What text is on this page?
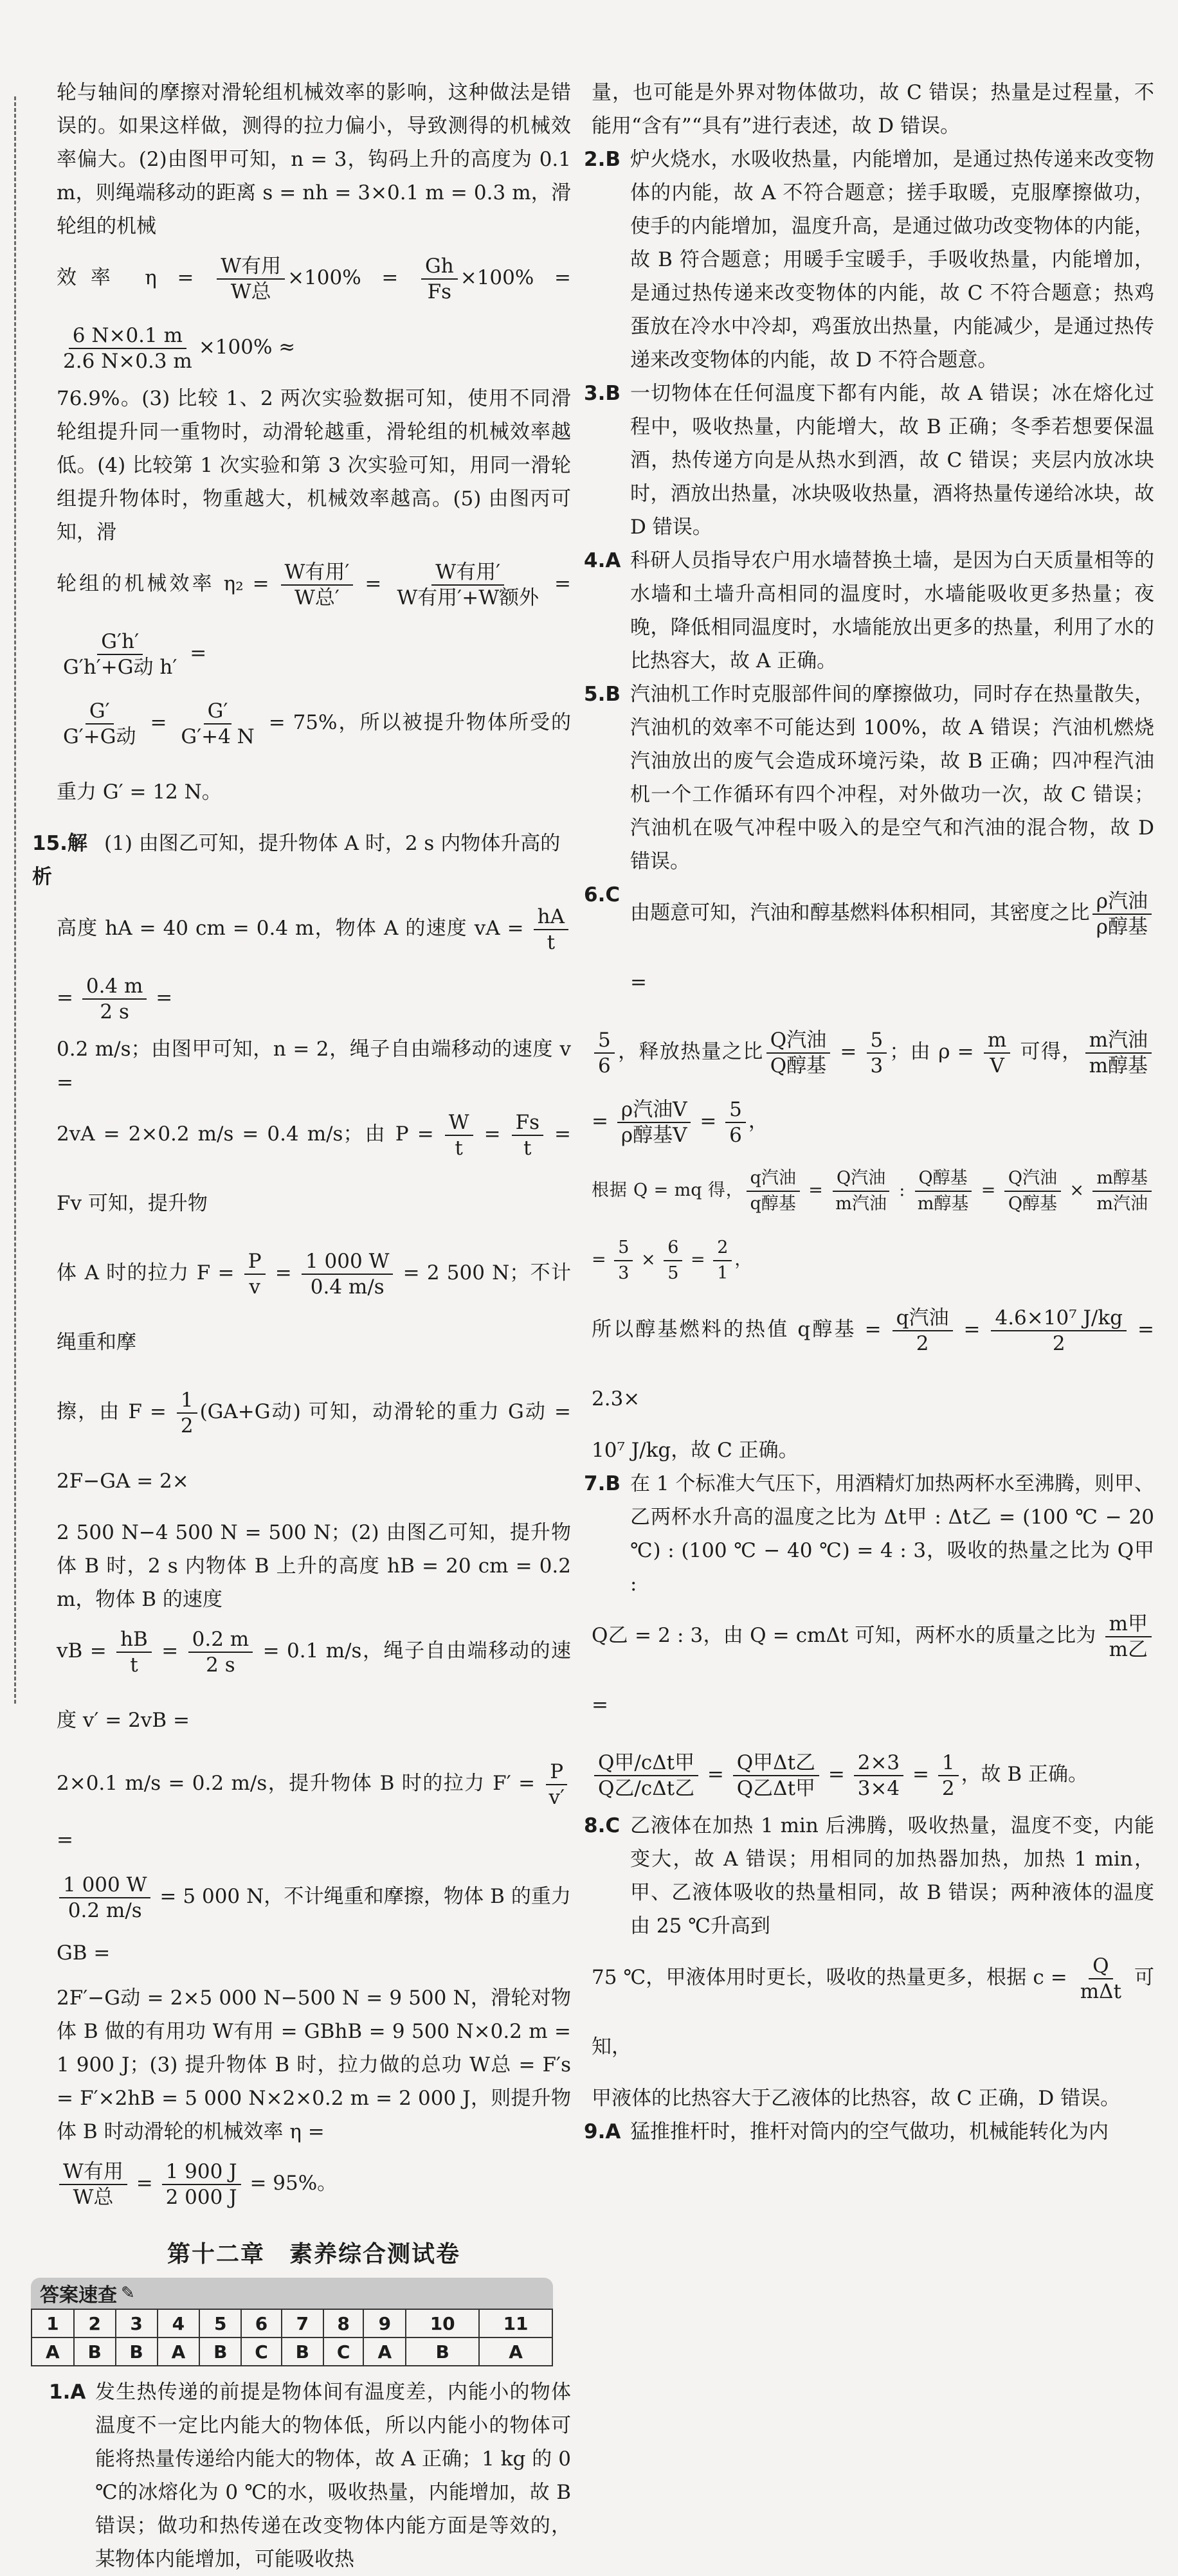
轮与轴间的摩擦对滑轮组机械效率的影响，这种做法是错误的。如果这样做，测得的拉力偏小，导致测得的机械效率偏大。(2)由图甲可知，n = 3，钩码上升的高度为 0.1 m，则绳端移动的距离 s = nh = 3×0.1 m = 0.3 m，滑轮组的机械

效率 $\eta = \frac{\text{W有用}}{\text{W总}} \times 100\% = \frac{Gh}{Fs} \times 100\%$ =
$\frac{6 N\times 0.1 m}{2.6 N\times 0.3 m} \times 100\%$ ≈

76.9%。(3) 比较 1、2 两次实验数据可知，使用不同滑轮组提升同一重物时，动滑轮越重，滑轮组的机械效率越低。(4) 比较第 1 次实验和第 3 次实验可知，用同一滑轮组提升物体时，物重越大，机械效率越高。(5) 由图丙可知，滑

轮组的机械效率 $\eta_2 = \frac{\text{W有用′}}{\text{W总′}} = \frac{\text{W有用′}}{\text{W有用′+W额外}}$ =
$\frac{G'h'}{\text{G′h′+G动 h′}}$ =

$\frac{G'}{\text{G′+G动}} = \frac{G'}{G'+4 N} = 75\%$，所以被提升物体所受的重力 G′ = 12 N。

15.解析

(1) 由图乙可知，提升物体 A 时，2 s 内物体升高的

高度 hA = 40 cm = 0.4 m，物体 A 的速度 vA = $\frac{hA}{t}$
= $\frac{0.4 m}{2 s}$ =

0.2 m/s；由图甲可知，n = 2，绳子自由端移动的速度 v =

2vA = 2×0.2 m/s = 0.4 m/s；由 $P = \frac{W}{t} = \frac{Fs}{t} = Fv$ 可知，提升物

体 A 时的拉力 $F = \frac{P}{v} = \frac{1 000 W}{0.4 m/s} = 2$ 500 N；不计绳重和摩

擦，由 $F = \frac{1}{2} (GA+G$动) 可知，动滑轮的重力 G动 = 2F−GA = 2×

2 500 N−4 500 N = 500 N；(2) 由图乙可知，提升物体 B 时，2 s 内物体 B 上升的高度 hB = 20 cm = 0.2 m，物体 B 的速度

vB = $\frac{hB}{t} = \frac{0.2 m}{2 s} = 0.1$ m/s，绳子自由端移动的速度 v′ = 2vB =

2×0.1 m/s = 0.2 m/s，提升物体 B 时的拉力 $F' = \frac{P}{v'}$
=

$\frac{1 000 W}{0.2 m/s} = 5$ 000 N，不计绳重和摩擦，物体 B 的重力 GB =

2F′−G动 = 2×5 000 N−500 N = 9 500 N，滑轮对物体 B 做的有用功 W有用 = GBhB = 9 500 N×0.2 m = 1 900 J；(3) 提升物体 B 时，拉力做的总功 W总 = F′s = F′×2hB = 5 000 N×2×0.2 m = 2 000 J，则提升物体 B 时动滑轮的机械效率 η =

$\frac{\text{W有用}}{\text{W总}} = \frac{1 900 J}{2 000 J} = 95\%$。

第十二章　素养综合测试卷
答案速查 ✎
1	2	3	4	5	6	7	8	9	10	11
A	B	B	A	B	C	B	C	A	B	A
1.A 发生热传递的前提是物体间有温度差，内能小的物体温度不一定比内能大的物体低，所以内能小的物体可能将热量传递给内能大的物体，故 A 正确；1 kg 的 0 ℃的冰熔化为 0 ℃的水，吸收热量，内能增加，故 B 错误；做功和热传递在改变物体内能方面是等效的，某物体内能增加，可能吸收热

量，也可能是外界对物体做功，故 C 错误；热量是过程量，不能用“含有”“具有”进行表述，故 D 错误。

2.B 炉火烧水，水吸收热量，内能增加，是通过热传递来改变物体的内能，故 A 不符合题意；搓手取暖，克服摩擦做功，使手的内能增加，温度升高，是通过做功改变物体的内能，故 B 符合题意；用暖手宝暖手，手吸收热量，内能增加，是通过热传递来改变物体的内能，故 C 不符合题意；热鸡蛋放在冷水中冷却，鸡蛋放出热量，内能减少，是通过热传递来改变物体的内能，故 D 不符合题意。

3.B 一切物体在任何温度下都有内能，故 A 错误；冰在熔化过程中，吸收热量，内能增大，故 B 正确；冬季若想要保温酒，热传递方向是从热水到酒，故 C 错误；夹层内放冰块时，酒放出热量，冰块吸收热量，酒将热量传递给冰块，故 D 错误。

4.A 科研人员指导农户用水墙替换土墙，是因为白天质量相等的水墙和土墙升高相同的温度时，水墙能吸收更多热量；夜晚，降低相同温度时，水墙能放出更多的热量，利用了水的比热容大，故 A 正确。

5.B 汽油机工作时克服部件间的摩擦做功，同时存在热量散失，汽油机的效率不可能达到 100%，故 A 错误；汽油机燃烧汽油放出的废气会造成环境污染，故 B 正确；四冲程汽油机一个工作循环有四个冲程，对外做功一次，故 C 错误；汽油机在吸气冲程中吸入的是空气和汽油的混合物，故 D 错误。

6.C

由题意可知，汽油和醇基燃料体积相同，其密度之比 $\frac{\text{ρ汽油}}{\text{ρ醇基}}$
=

$\frac{5}{6}$ ，释放热量之比 $\frac{\text{Q汽油}}{\text{Q醇基}} = \frac{5}{3}$ ；由 $\rho = \frac{m}{V}$ 可得， $\frac{\text{m汽油}}{\text{m醇基}}$
= $\frac{\text{ρ汽油V}}{\text{ρ醇基V}} = \frac{5}{6}$ ，

根据 Q = mq 得， $\frac{\text{q汽油}}{\text{q醇基}} = \frac{\text{Q汽油}}{\text{m汽油}}$ : $\frac{\text{Q醇基}}{\text{m醇基}} = \frac{\text{Q汽油}}{\text{Q醇基}} \times \frac{\text{m醇基}}{\text{m汽油}}$
= $\frac{5}{3} \times \frac{6}{5} = \frac{2}{1}$ ，

所以醇基燃料的热值 q醇基 = $\frac{\text{q汽油}}{2} = \frac{\text{4.6×10⁷ J/kg}}{2} = 2.3\times$

10⁷ J/kg，故 C 正确。

7.B 在 1 个标准大气压下，用酒精灯加热两杯水至沸腾，则甲、乙两杯水升高的温度之比为 Δt甲 : Δt乙 = (100 ℃ − 20 ℃) : (100 ℃ − 40 ℃) = 4 : 3，吸收的热量之比为 Q甲 :

Q乙 = 2 : 3，由 Q = cmΔt 可知，两杯水的质量之比为 $\frac{\text{m甲}}{\text{m乙}}$
=

$\frac{\text{Q甲/cΔt甲}}{\text{Q乙/cΔt乙}} = \frac{\text{Q甲Δt乙}}{\text{Q乙Δt甲}} = \frac{2\times 3}{3\times 4} = \frac{1}{2}$ ，故 B 正确。

8.C 乙液体在加热 1 min 后沸腾，吸收热量，温度不变，内能变大，故 A 错误；用相同的加热器加热，加热 1 min，甲、乙液体吸收的热量相同，故 B 错误；两种液体的温度由 25 ℃升高到

75 ℃，甲液体用时更长，吸收的热量更多，根据 $c = \frac{Q}{\text{mΔt}}$ 可知，

甲液体的比热容大于乙液体的比热容，故 C 正确，D 错误。

9.A 猛推推杆时，推杆对筒内的空气做功，机械能转化为内
